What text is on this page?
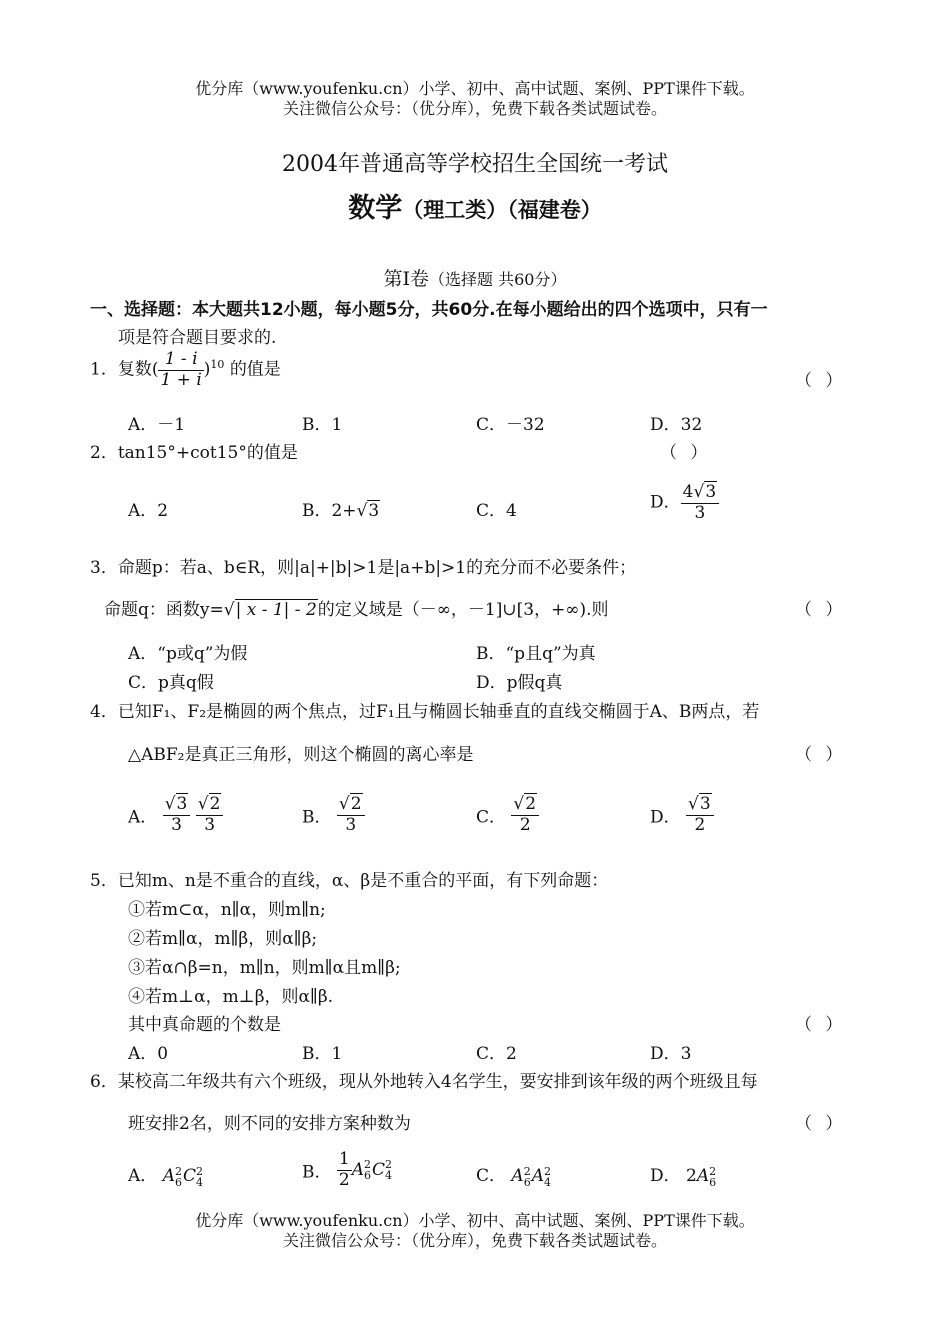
优分库（www.youfenku.cn）小学、初中、高中试题、案例、PPT课件下载。
关注微信公众号：（优分库），免费下载各类试题试卷。
2004年普通高等学校招生全国统一考试
数学（理工类）（福建卷）
第Ⅰ卷（选择题 共60分）
一、选择题：本大题共12小题，每小题5分，共60分.在每小题给出的四个选项中，只有一
项是符合题目要求的.
1．复数( $\frac{1 - i}{1 + i} )^{10}$ 的值是
（ ）
A．－1	B．1	C．－32	D．32
2．tan15°+cot15°的值是	（ ）
A．2	B．2+√3	C．4	D． $\frac{4√3}{3}$
3．命题p：若a、b∈R，则|a|+|b|>1是|a+b|>1的充分而不必要条件；
命题q：函数y=√| x - 1| - 2的定义域是（－∞，－1]∪[3，+∞).则	（ ）
A．“p或q”为假	B．“p且q”为真
C．p真q假	D．p假q真
4．已知F₁、F₂是椭圆的两个焦点，过F₁且与椭圆长轴垂直的直线交椭圆于A、B两点，若
△ABF₂是真正三角形，则这个椭圆的离心率是	（ ）
A． $\frac{√3}{3}$
$\frac{√2}{3}$	B． $\frac{√2}{3}$	C． $\frac{√2}{2}$	D． $\frac{√3}{2}$
5．已知m、n是不重合的直线，α、β是不重合的平面，有下列命题：
①若m⊂α，n∥α，则m∥n;
②若m∥α，m∥β，则α∥β;
③若α∩β=n，m∥n，则m∥α且m∥β;
④若m⊥α，m⊥β，则α∥β.
其中真命题的个数是	（ ）
A．0	B．1	C．2	D．3
6．某校高二年级共有六个班级，现从外地转入4名学生，要安排到该年级的两个班级且每
班安排2名，则不同的安排方案种数为	（ ）
A． A 2
6 C 2
4	B． $\frac{1}{2}$ A 2
6 C 2
4	C． A 2
6 A 2
4	D． 2A 2
6
优分库（www.youfenku.cn）小学、初中、高中试题、案例、PPT课件下载。
关注微信公众号：（优分库），免费下载各类试题试卷。
